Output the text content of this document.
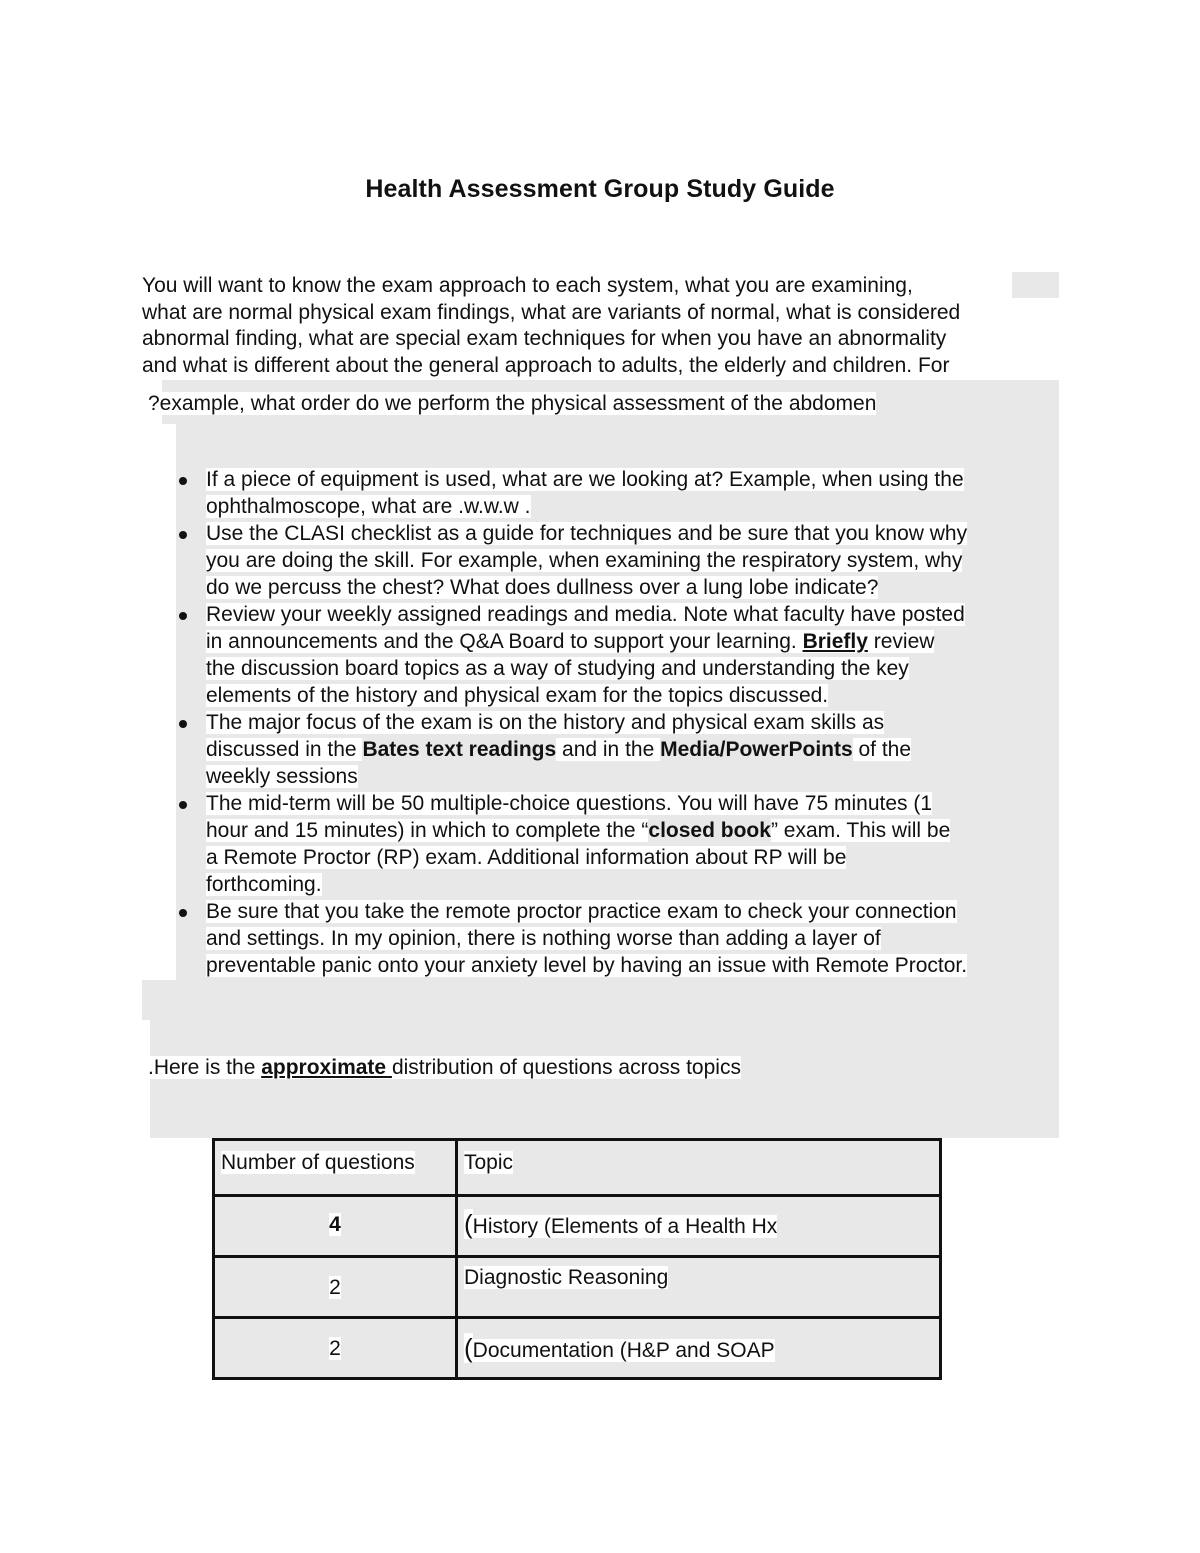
Health Assessment Group Study Guide
You will want to know the exam approach to each system, what you are examining,
what are normal physical exam findings, what are variants of normal, what is considered
abnormal finding, what are special exam techniques for when you have an abnormality
and what is different about the general approach to adults, the elderly and children. For
?example, what order do we perform the physical assessment of the abdomen
If a piece of equipment is used, what are we looking at? Example, when using the
ophthalmoscope, what are .w.w.w .
Use the CLASI checklist as a guide for techniques and be sure that you know why
you are doing the skill. For example, when examining the respiratory system, why
do we percuss the chest? What does dullness over a lung lobe indicate?
Review your weekly assigned readings and media. Note what faculty have posted
in announcements and the Q&A Board to support your learning. Briefly review
the discussion board topics as a way of studying and understanding the key
elements of the history and physical exam for the topics discussed.
The major focus of the exam is on the history and physical exam skills as
discussed in the Bates text readings and in the Media/PowerPoints of the
weekly sessions
The mid-term will be 50 multiple-choice questions. You will have 75 minutes (1
hour and 15 minutes) in which to complete the “closed book” exam. This will be
a Remote Proctor (RP) exam. Additional information about RP will be
forthcoming.
Be sure that you take the remote proctor practice exam to check your connection
and settings. In my opinion, there is nothing worse than adding a layer of
preventable panic onto your anxiety level by having an issue with Remote Proctor.
.Here is the approximate distribution of questions across topics
Number of questions	Topic

4	(History (Elements of a Health Hx

2	Diagnostic Reasoning

2	(Documentation (H&P and SOAP
